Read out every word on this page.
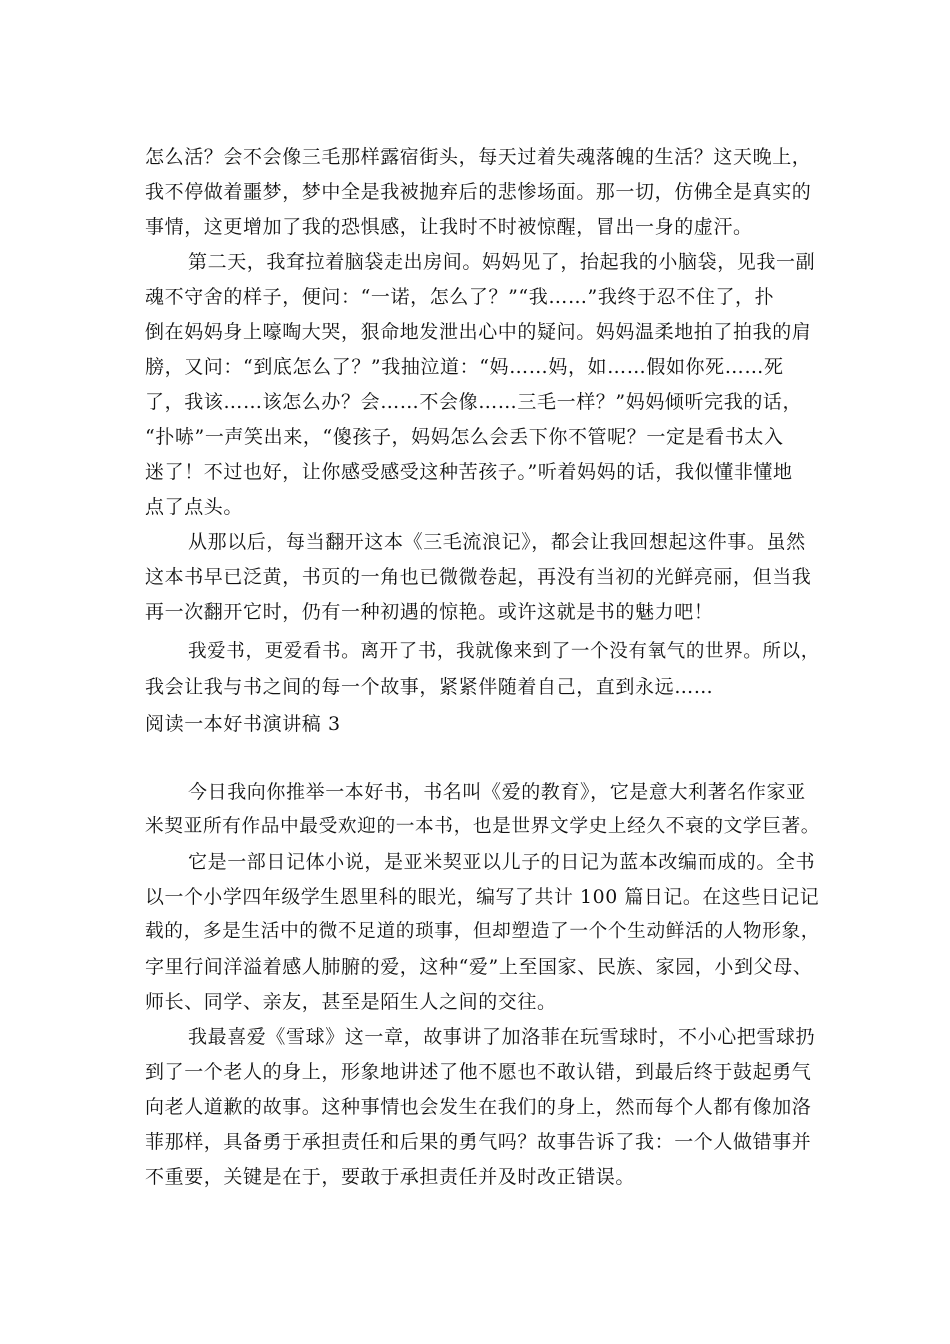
怎么活？会不会像三毛那样露宿街头，每天过着失魂落魄的生活？这天晚上，
我不停做着噩梦，梦中全是我被抛弃后的悲惨场面。那一切，仿佛全是真实的
事情，这更增加了我的恐惧感，让我时不时被惊醒，冒出一身的虚汗。
第二天，我耷拉着脑袋走出房间。妈妈见了，抬起我的小脑袋，见我一副
魂不守舍的样子，便问：“一诺，怎么了？”“我……”我终于忍不住了，扑
倒在妈妈身上嚎啕大哭，狠命地发泄出心中的疑问。妈妈温柔地拍了拍我的肩
膀，又问：“到底怎么了？”我抽泣道：“妈……妈，如……假如你死……死
了，我该……该怎么办？会……不会像……三毛一样？”妈妈倾听完我的话，
“扑哧”一声笑出来，“傻孩子，妈妈怎么会丢下你不管呢？一定是看书太入
迷了！不过也好，让你感受感受这种苦孩子。”听着妈妈的话，我似懂非懂地
点了点头。
从那以后，每当翻开这本《三毛流浪记》，都会让我回想起这件事。虽然
这本书早已泛黄，书页的一角也已微微卷起，再没有当初的光鲜亮丽，但当我
再一次翻开它时，仍有一种初遇的惊艳。或许这就是书的魅力吧！
我爱书，更爱看书。离开了书，我就像来到了一个没有氧气的世界。所以，
我会让我与书之间的每一个故事，紧紧伴随着自己，直到永远……
阅读一本好书演讲稿 3
今日我向你推举一本好书，书名叫《爱的教育》，它是意大利著名作家亚
米契亚所有作品中最受欢迎的一本书，也是世界文学史上经久不衰的文学巨著。
它是一部日记体小说，是亚米契亚以儿子的日记为蓝本改编而成的。全书
以一个小学四年级学生恩里科的眼光，编写了共计 100 篇日记。在这些日记记
载的，多是生活中的微不足道的琐事，但却塑造了一个个生动鲜活的人物形象，
字里行间洋溢着感人肺腑的爱，这种“爱”上至国家、民族、家园，小到父母、
师长、同学、亲友，甚至是陌生人之间的交往。
我最喜爱《雪球》这一章，故事讲了加洛菲在玩雪球时，不小心把雪球扔
到了一个老人的身上，形象地讲述了他不愿也不敢认错，到最后终于鼓起勇气
向老人道歉的故事。这种事情也会发生在我们的身上，然而每个人都有像加洛
菲那样，具备勇于承担责任和后果的勇气吗？故事告诉了我：一个人做错事并
不重要，关键是在于，要敢于承担责任并及时改正错误。
